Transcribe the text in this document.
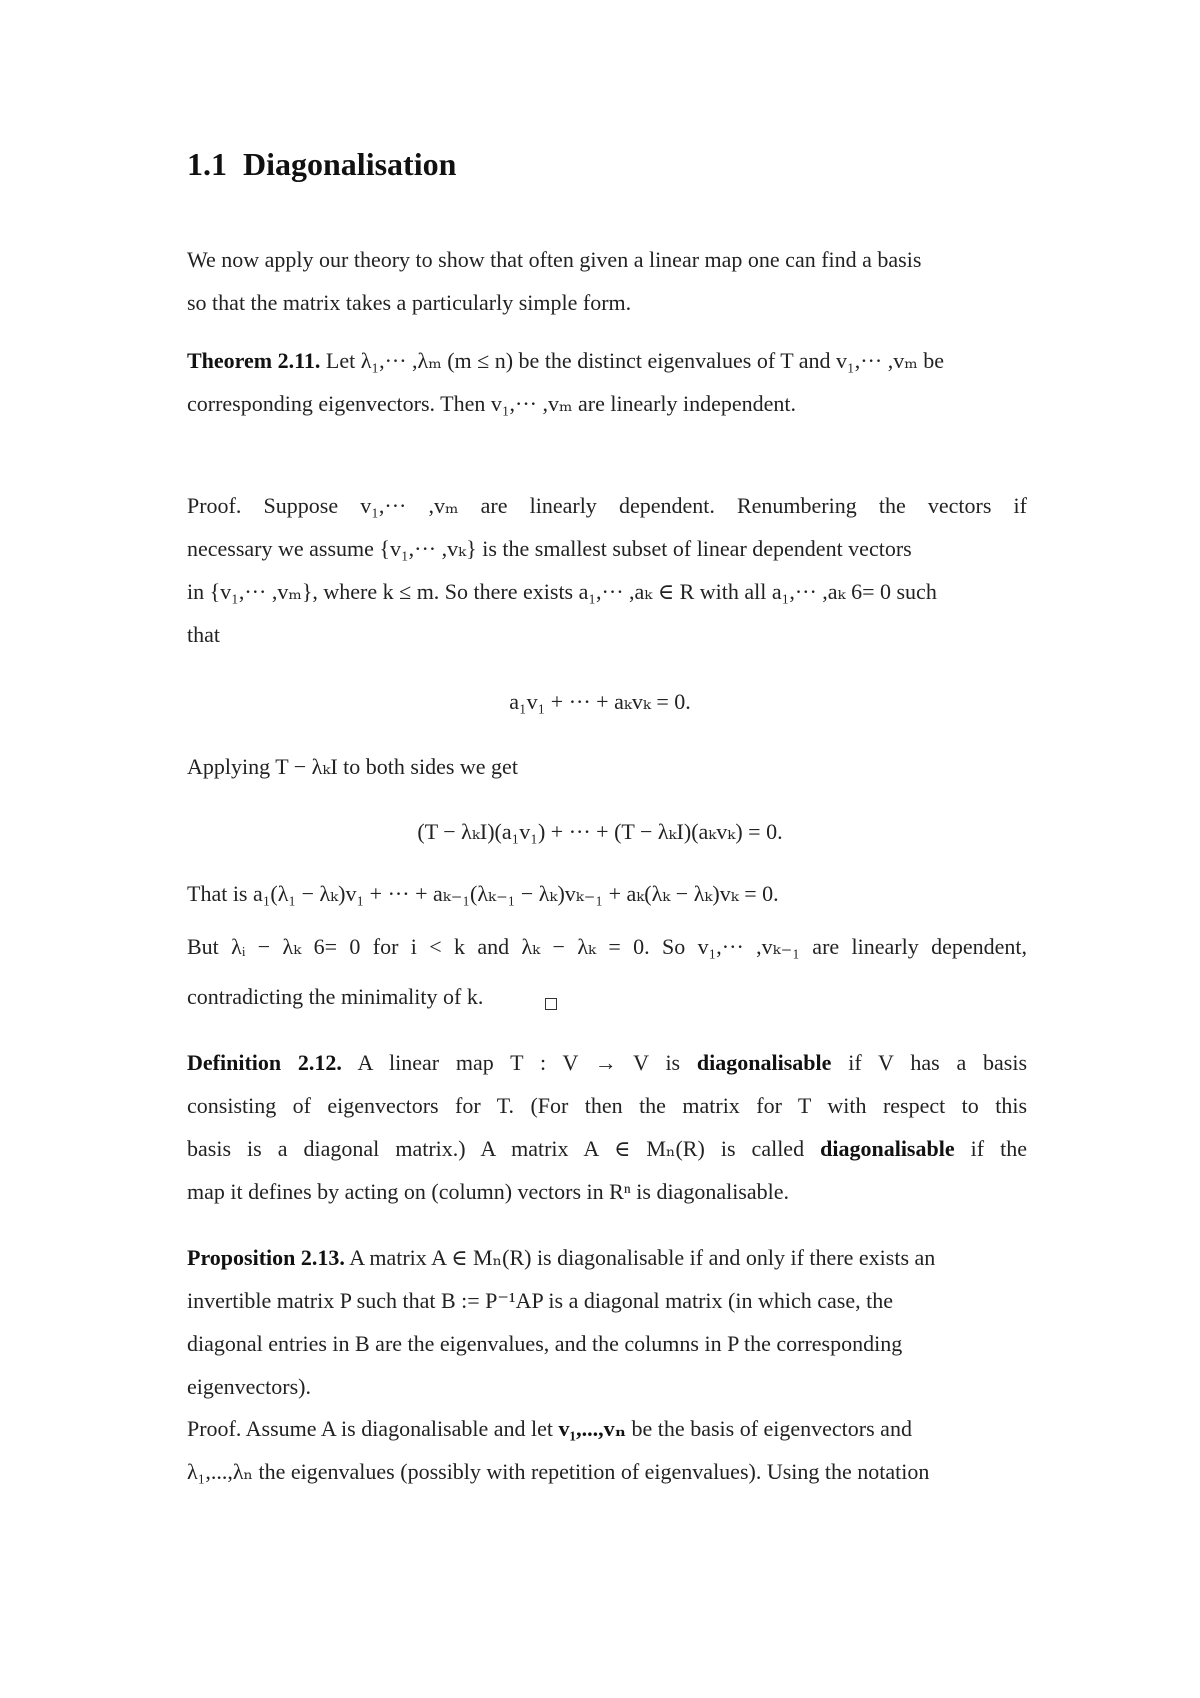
1.1 Diagonalisation

We now apply our theory to show that often given a linear map one can find a basis

so that the matrix takes a particularly simple form.

Theorem 2.11. Let λ₁,··· ,λₘ (m ≤ n) be the distinct eigenvalues of T and v₁,··· ,vₘ be

corresponding eigenvectors. Then v₁,··· ,vₘ are linearly independent.

Proof. Suppose v₁,··· ,vₘ are linearly dependent. Renumbering the vectors if

necessary we assume {v₁,··· ,vₖ} is the smallest subset of linear dependent vectors

in {v₁,··· ,vₘ}, where k ≤ m. So there exists a₁,··· ,aₖ ∈ R with all a₁,··· ,aₖ 6= 0 such

that

a₁v₁ + ··· + aₖvₖ = 0.

Applying T − λₖI to both sides we get

(T − λₖI)(a₁v₁) + ··· + (T − λₖI)(aₖvₖ) = 0.

That is a₁(λ₁ − λₖ)v₁ + ··· + aₖ₋₁(λₖ₋₁ − λₖ)vₖ₋₁ + aₖ(λₖ − λₖ)vₖ = 0.

But λᵢ − λₖ 6= 0 for i < k and λₖ − λₖ = 0. So v₁,··· ,vₖ₋₁ are linearly dependent,

contradicting the minimality of k.

Definition 2.12. A linear map T : V → V is diagonalisable if V has a basis

consisting of eigenvectors for T. (For then the matrix for T with respect to this

basis is a diagonal matrix.) A matrix A ∈ Mₙ(R) is called diagonalisable if the

map it defines by acting on (column) vectors in Rⁿ is diagonalisable.

Proposition 2.13. A matrix A ∈ Mₙ(R) is diagonalisable if and only if there exists an

invertible matrix P such that B := P⁻¹AP is a diagonal matrix (in which case, the

diagonal entries in B are the eigenvalues, and the columns in P the corresponding

eigenvectors).

Proof. Assume A is diagonalisable and let v₁,...,vₙ be the basis of eigenvectors and

λ₁,...,λₙ the eigenvalues (possibly with repetition of eigenvalues). Using the notation
